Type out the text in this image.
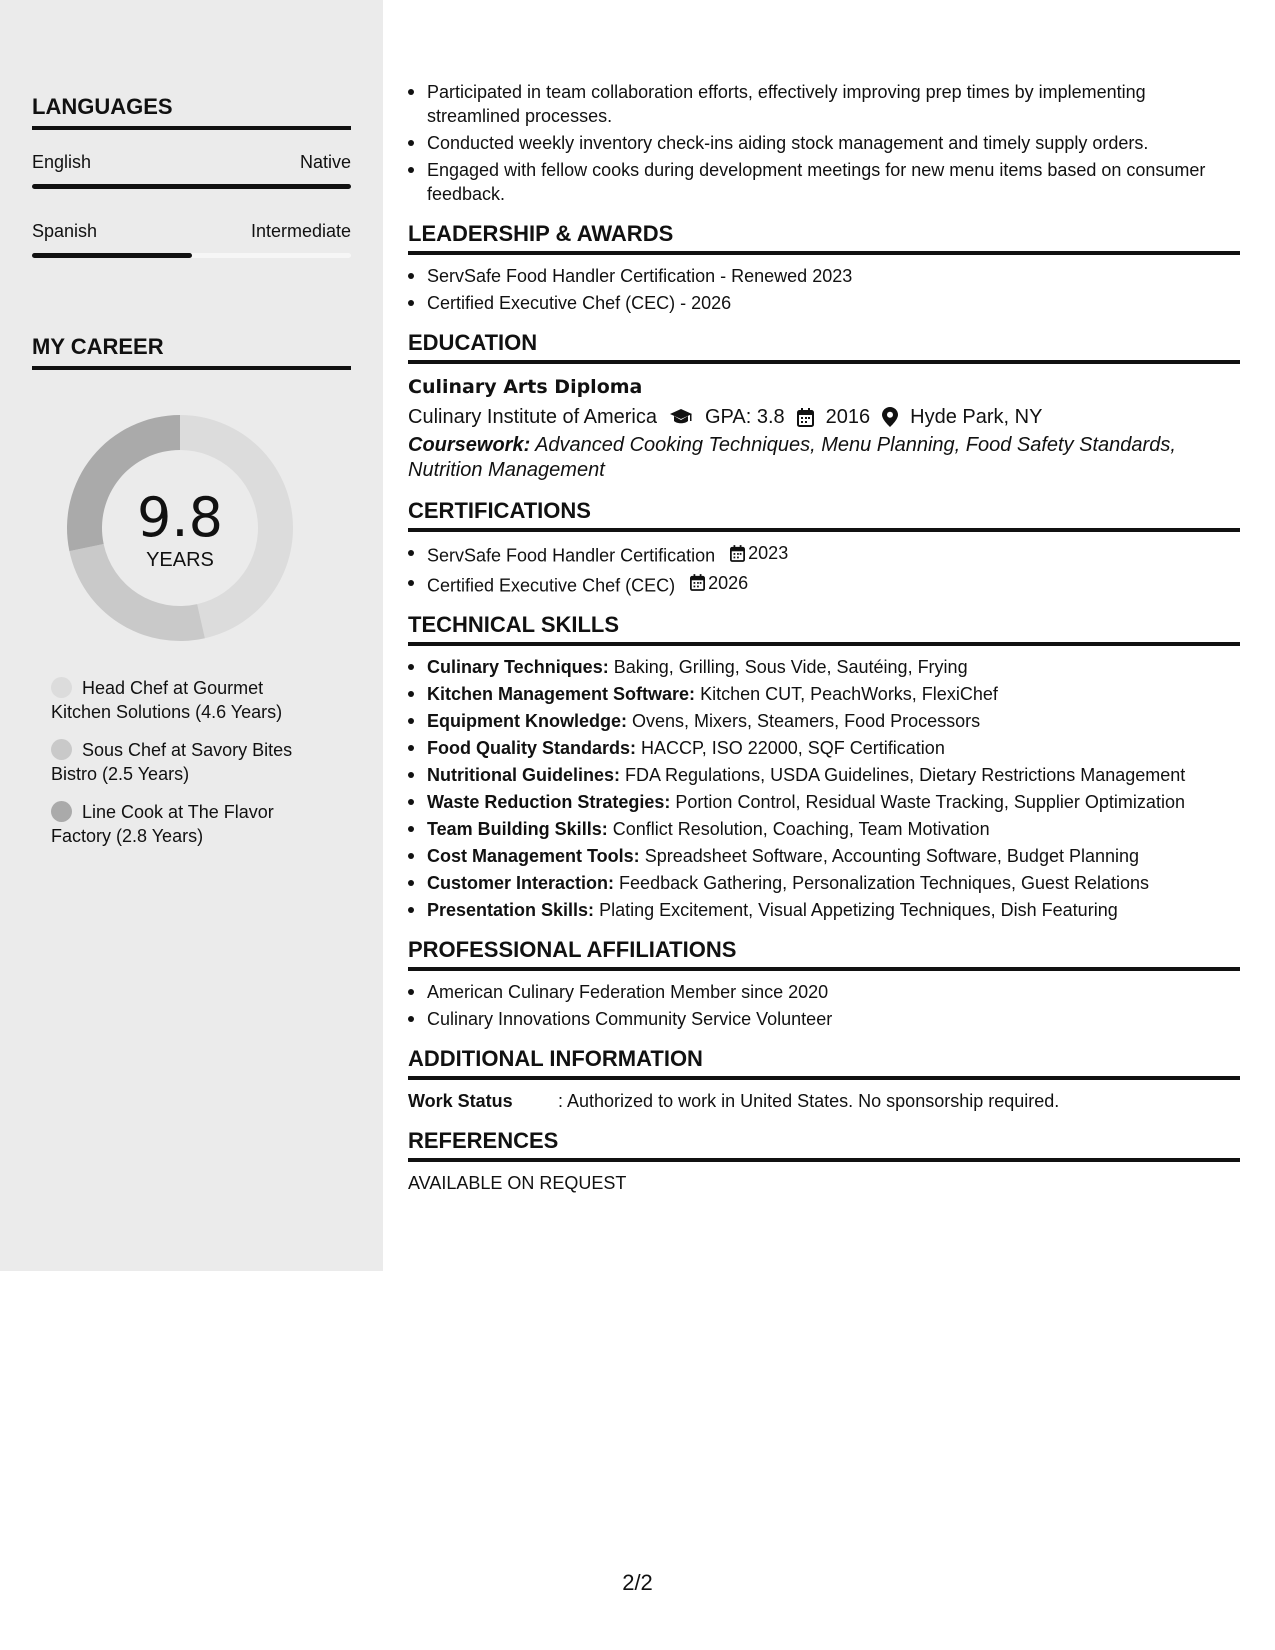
LANGUAGES
English	Native
Spanish	Intermediate
MY CAREER
9.8
YEARS
Head Chef at Gourmet Kitchen Solutions (4.6 Years)
Sous Chef at Savory Bites Bistro (2.5 Years)
Line Cook at The Flavor Factory (2.8 Years)
Participated in team collaboration efforts, effectively improving prep times by implementing streamlined processes.
Conducted weekly inventory check-ins aiding stock management and timely supply orders.
Engaged with fellow cooks during development meetings for new menu items based on consumer feedback.
LEADERSHIP & AWARDS
ServSafe Food Handler Certification - Renewed 2023
Certified Executive Chef (CEC) - 2026
EDUCATION
Culinary Arts Diploma
Culinary Institute of America GPA: 3.8 2016 Hyde Park, NY
Coursework: Advanced Cooking Techniques, Menu Planning, Food Safety Standards, Nutrition Management
CERTIFICATIONS
ServSafe Food Handler Certification 2023
Certified Executive Chef (CEC) 2026
TECHNICAL SKILLS
Culinary Techniques: Baking, Grilling, Sous Vide, Sautéing, Frying
Kitchen Management Software: Kitchen CUT, PeachWorks, FlexiChef
Equipment Knowledge: Ovens, Mixers, Steamers, Food Processors
Food Quality Standards: HACCP, ISO 22000, SQF Certification
Nutritional Guidelines: FDA Regulations, USDA Guidelines, Dietary Restrictions Management
Waste Reduction Strategies: Portion Control, Residual Waste Tracking, Supplier Optimization
Team Building Skills: Conflict Resolution, Coaching, Team Motivation
Cost Management Tools: Spreadsheet Software, Accounting Software, Budget Planning
Customer Interaction: Feedback Gathering, Personalization Techniques, Guest Relations
Presentation Skills: Plating Excitement, Visual Appetizing Techniques, Dish Featuring
PROFESSIONAL AFFILIATIONS
American Culinary Federation Member since 2020
Culinary Innovations Community Service Volunteer
ADDITIONAL INFORMATION
Work Status	: Authorized to work in United States. No sponsorship required.
REFERENCES
AVAILABLE ON REQUEST
2/2
